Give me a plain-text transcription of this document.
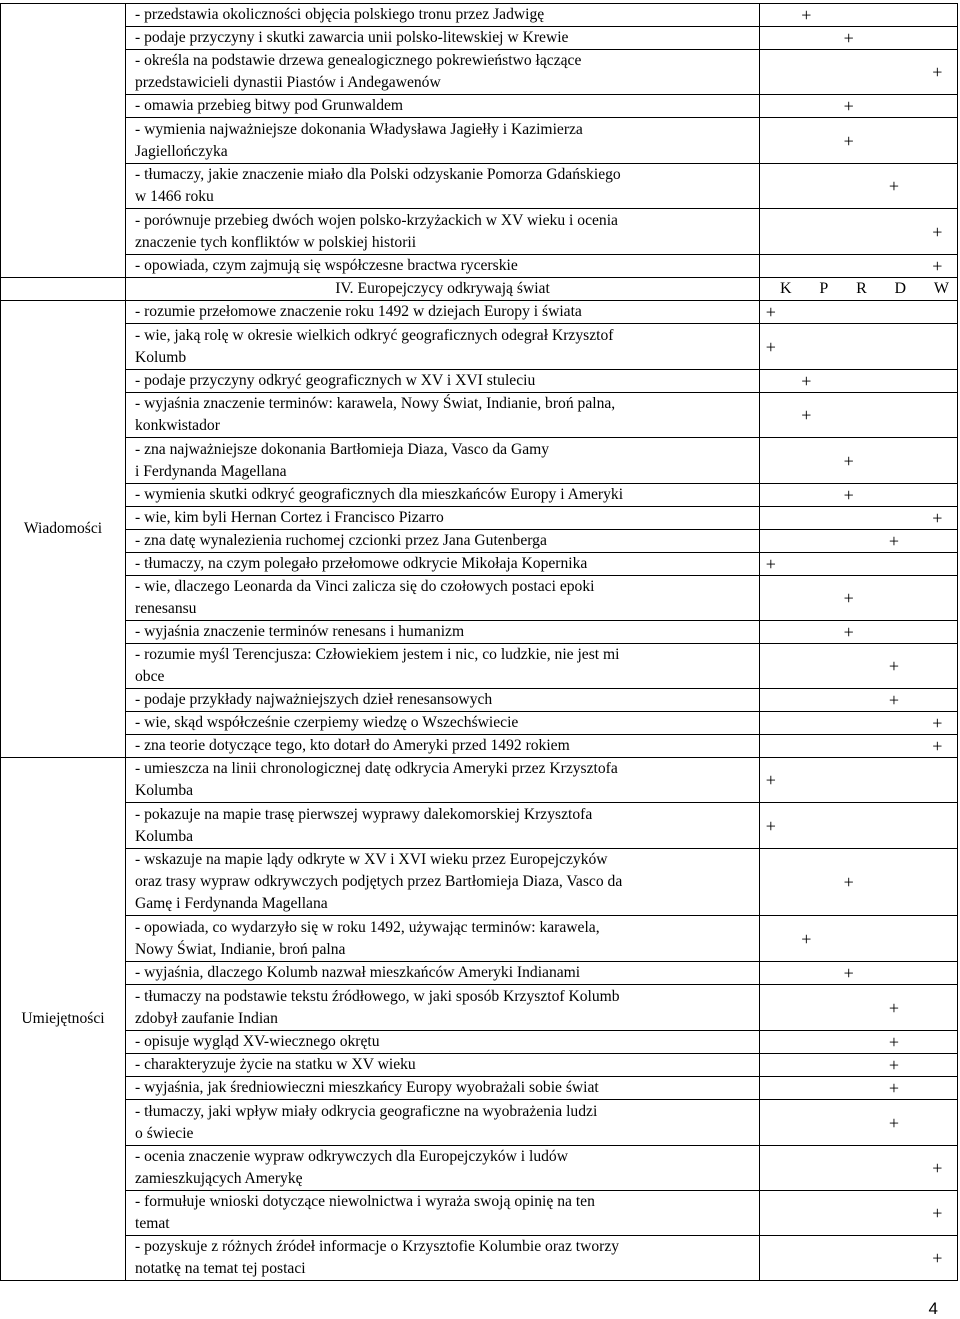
	- przedstawia okoliczności objęcia polskiego tronu przez Jadwigę	+

	- podaje przyczyny i skutki zawarcia unii polsko-litewskiej w Krewie	+

	- określa na podstawie drzewa genealogicznego pokrewieństwo łączące
przedstawicieli dynastii Piastów i Andegawenów	+

	- omawia przebieg bitwy pod Grunwaldem	+

	- wymienia najważniejsze dokonania Władysława Jagiełły i Kazimierza
Jagiellończyka	+

	- tłumaczy, jakie znaczenie miało dla Polski odzyskanie Pomorza Gdańskiego
w 1466 roku	+

	- porównuje przebieg dwóch wojen polsko-krzyżackich w XV wieku i ocenia
znaczenie tych konfliktów w polskiej historii	+

	- opowiada, czym zajmują się współczesne bractwa rycerskie	+

	IV. Europejczycy odkrywają świat	K P R D W

Wiadomości	- rozumie przełomowe znaczenie roku 1492 w dziejach Europy i świata	+

	- wie, jaką rolę w okresie wielkich odkryć geograficznych odegrał Krzysztof
Kolumb	+

	- podaje przyczyny odkryć geograficznych w XV i XVI stuleciu	+

	- wyjaśnia znaczenie terminów: karawela, Nowy Świat, Indianie, broń palna,
konkwistador	+

	- zna najważniejsze dokonania Bartłomieja Diaza, Vasco da Gamy
i Ferdynanda Magellana	+

	- wymienia skutki odkryć geograficznych dla mieszkańców Europy i Ameryki	+

	- wie, kim byli Hernan Cortez i Francisco Pizarro	+

	- zna datę wynalezienia ruchomej czcionki przez Jana Gutenberga	+

	- tłumaczy, na czym polegało przełomowe odkrycie Mikołaja Kopernika	+

	- wie, dlaczego Leonarda da Vinci zalicza się do czołowych postaci epoki
renesansu	+

	- wyjaśnia znaczenie terminów renesans i humanizm	+

	- rozumie myśl Terencjusza: Człowiekiem jestem i nic, co ludzkie, nie jest mi
obce	+

	- podaje przykłady najważniejszych dzieł renesansowych	+

	- wie, skąd współcześnie czerpiemy wiedzę o Wszechświecie	+

	- zna teorie dotyczące tego, kto dotarł do Ameryki przed 1492 rokiem	+

Umiejętności	- umieszcza na linii chronologicznej datę odkrycia Ameryki przez Krzysztofa
Kolumba	+

	- pokazuje na mapie trasę pierwszej wyprawy dalekomorskiej Krzysztofa
Kolumba	+

	- wskazuje na mapie lądy odkryte w XV i XVI wieku przez Europejczyków
oraz trasy wypraw odkrywczych podjętych przez Bartłomieja Diaza, Vasco da
Gamę i Ferdynanda Magellana	+

	- opowiada, co wydarzyło się w roku 1492, używając terminów: karawela,
Nowy Świat, Indianie, broń palna	+

	- wyjaśnia, dlaczego Kolumb nazwał mieszkańców Ameryki Indianami	+

	- tłumaczy na podstawie tekstu źródłowego, w jaki sposób Krzysztof Kolumb
zdobył zaufanie Indian	+

	- opisuje wygląd XV-wiecznego okrętu	+

	- charakteryzuje życie na statku w XV wieku	+

	- wyjaśnia, jak średniowieczni mieszkańcy Europy wyobrażali sobie świat	+

	- tłumaczy, jaki wpływ miały odkrycia geograficzne na wyobrażenia ludzi
o świecie	+

	- ocenia znaczenie wypraw odkrywczych dla Europejczyków i ludów
zamieszkujących Amerykę	+

	- formułuje wnioski dotyczące niewolnictwa i wyraża swoją opinię na ten
temat	+

	- pozyskuje z różnych źródeł informacje o Krzysztofie Kolumbie oraz tworzy
notatkę na temat tej postaci	+
4
